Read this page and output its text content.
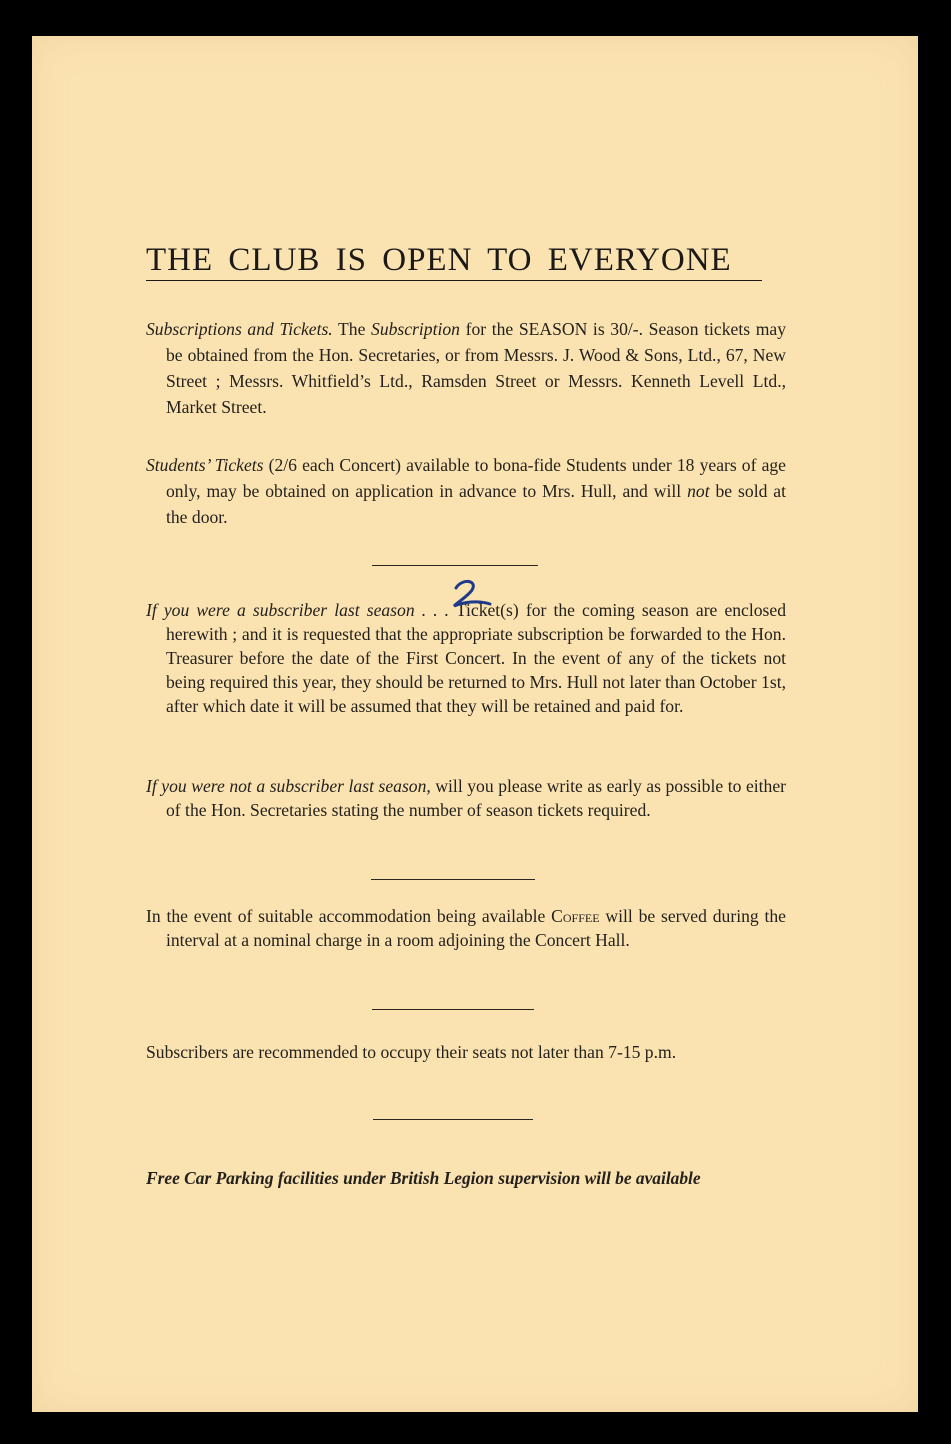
THE CLUB IS OPEN TO EVERYONE
Subscriptions and Tickets. The Subscription for the SEASON is 30/-. Season tickets may be obtained from the Hon. Secretaries, or from Messrs. J. Wood & Sons, Ltd., 67, New Street ; Messrs. Whitfield’s Ltd., Ramsden Street or Messrs. Kenneth Levell Ltd., Market Street.
Students’ Tickets (2/6 each Concert) available to bona-fide Students under 18 years of age only, may be obtained on application in advance to Mrs. Hull, and will not be sold at the door.
If you were a subscriber last season . . . Ticket(s) for the coming season are enclosed herewith ; and it is requested that the appropriate subscription be forwarded to the Hon. Treasurer before the date of the First Concert. In the event of any of the tickets not being required this year, they should be returned to Mrs. Hull not later than October 1st, after which date it will be assumed that they will be retained and paid for.
If you were not a subscriber last season, will you please write as early as possible to either of the Hon. Secretaries stating the number of season tickets required.
In the event of suitable accommodation being available Coffee will be served during the interval at a nominal charge in a room adjoining the Concert Hall.
Subscribers are recommended to occupy their seats not later than 7-15 p.m.
Free Car Parking facilities under British Legion supervision will be available
